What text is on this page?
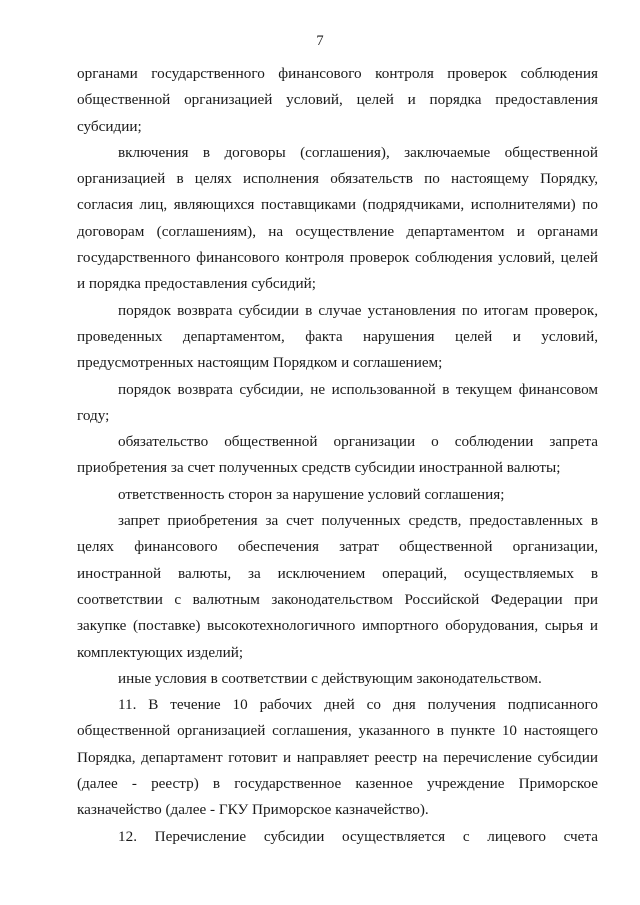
7

органами государственного финансового контроля проверок соблюдения общественной организацией условий, целей и порядка предоставления субсидии;

включения в договоры (соглашения), заключаемые общественной организацией в целях исполнения обязательств по настоящему Порядку, согласия лиц, являющихся поставщиками (подрядчиками, исполнителями) по договорам (соглашениям), на осуществление департаментом и органами государственного финансового контроля проверок соблюдения условий, целей и порядка предоставления субсидий;

порядок возврата субсидии в случае установления по итогам проверок, проведенных департаментом, факта нарушения целей и условий, предусмотренных настоящим Порядком и соглашением;

порядок возврата субсидии, не использованной в текущем финансовом году;

обязательство общественной организации о соблюдении запрета приобретения за счет полученных средств субсидии иностранной валюты;

ответственность сторон за нарушение условий соглашения;

запрет приобретения за счет полученных средств, предоставленных в целях финансового обеспечения затрат общественной организации, иностранной валюты, за исключением операций, осуществляемых в соответствии с валютным законодательством Российской Федерации при закупке (поставке) высокотехнологичного импортного оборудования, сырья и комплектующих изделий;

иные условия в соответствии с действующим законодательством.

11. В течение 10 рабочих дней со дня получения подписанного общественной организацией соглашения, указанного в пункте 10 настоящего Порядка, департамент готовит и направляет реестр на перечисление субсидии (далее - реестр) в государственное казенное учреждение Приморское казначейство (далее - ГКУ Приморское казначейство).

12. Перечисление субсидии осуществляется с лицевого счета
